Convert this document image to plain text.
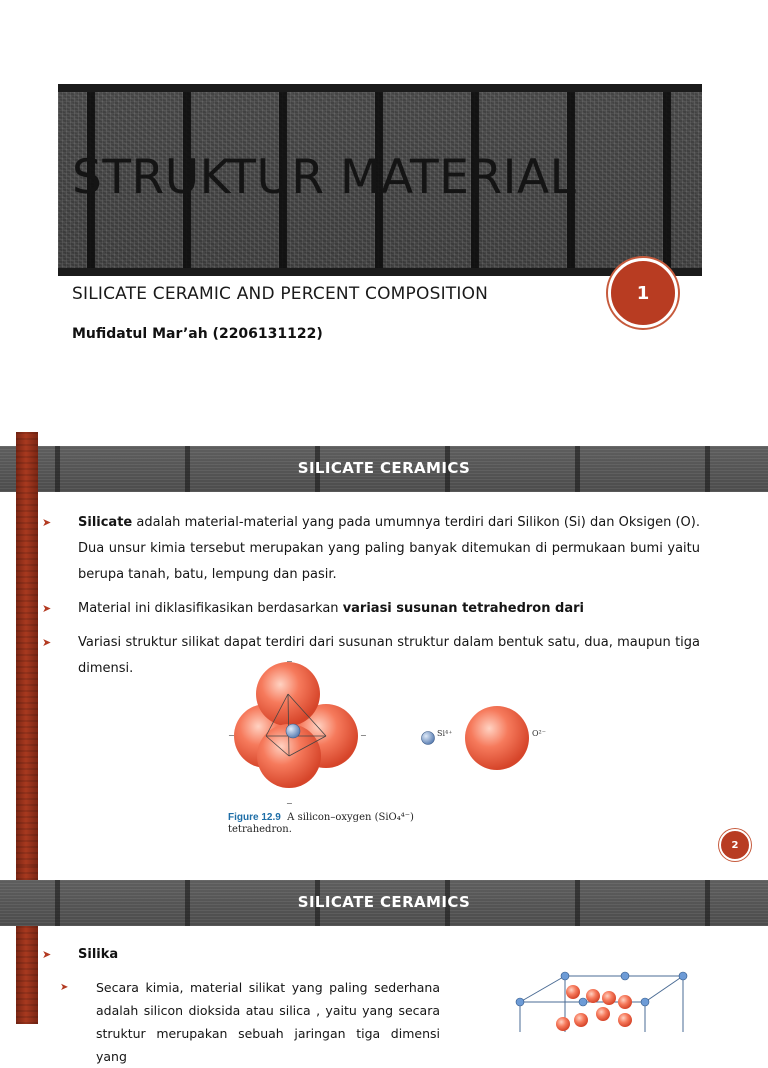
STRUKTUR MATERIAL
SILICATE CERAMIC AND PERCENT COMPOSITION
Mufidatul Mar’ah (2206131122)
1
SILICATE CERAMICS
➤ Silicate adalah material-material yang pada umumnya terdiri dari Silikon (Si) dan Oksigen (O). Dua unsur kimia tersebut merupakan yang paling banyak ditemukan di permukaan bumi yaitu berupa tanah, batu, lempung dan pasir.
➤ Material ini diklasifikasikan berdasarkan variasi susunan tetrahedron dari
➤ Variasi struktur silikat dapat terdiri dari susunan struktur dalam bentuk satu, dua, maupun tiga dimensi.	−
−	−
−
Si⁴⁺	O²⁻
Figure 12.9 A silicon–oxygen (SiO₄⁴⁻)
tetrahedron.
2
SILICATE CERAMICS
➤ Silika
➤ Secara kimia, material silikat yang paling sederhana adalah silicon dioksida atau silica , yaitu yang secara struktur merupakan sebuah jaringan tiga dimensi yang
